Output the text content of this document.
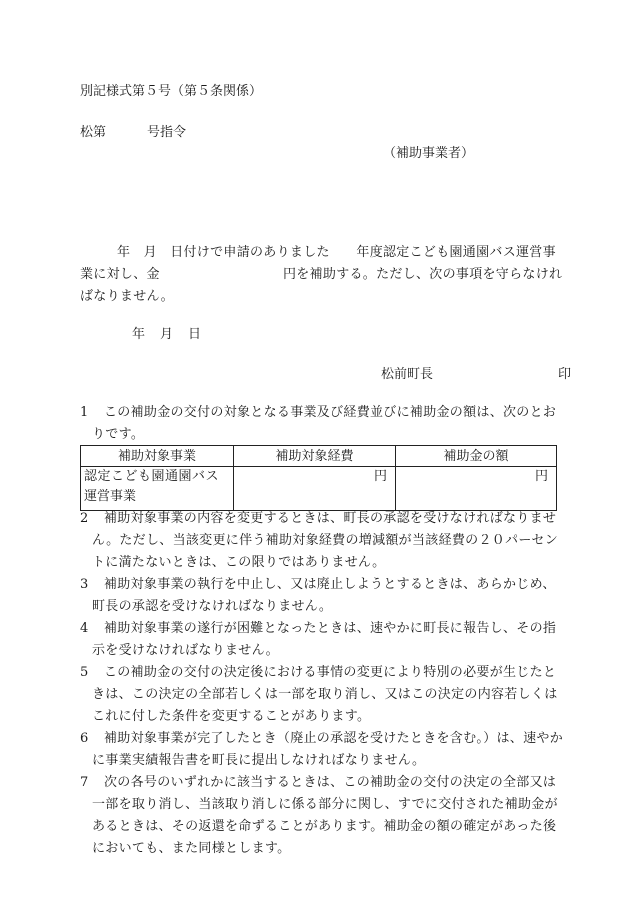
別記様式第５号（第５条関係）
松第	号指令
（補助事業者）
年　月　日付けで申請のありました　　年度認定こども園通園バス運営事
業に対し、金	円を補助する。ただし、次の事項を守らなけれ
ばなりません。
年　月　日
松前町長	印
1 この補助金の交付の対象となる事業及び経費並びに補助金の額は、次のとお
りです。
補助対象事業	補助対象経費	補助金の額

認定こども園通園バス
運営事業	円	円
2 補助対象事業の内容を変更するときは、町長の承認を受けなければなりませ
ん。ただし、当該変更に伴う補助対象経費の増減額が当該経費の２０パーセン
トに満たないときは、この限りではありません。
3 補助対象事業の執行を中止し、又は廃止しようとするときは、あらかじめ、
町長の承認を受けなければなりません。
4 補助対象事業の遂行が困難となったときは、速やかに町長に報告し、その指
示を受けなければなりません。
5 この補助金の交付の決定後における事情の変更により特別の必要が生じたと
きは、この決定の全部若しくは一部を取り消し、又はこの決定の内容若しくは
これに付した条件を変更することがあります。
6 補助対象事業が完了したとき（廃止の承認を受けたときを含む。）は、速やか
に事業実績報告書を町長に提出しなければなりません。
7 次の各号のいずれかに該当するときは、この補助金の交付の決定の全部又は
一部を取り消し、当該取り消しに係る部分に関し、すでに交付された補助金が
あるときは、その返還を命ずることがあります。補助金の額の確定があった後
においても、また同様とします。
